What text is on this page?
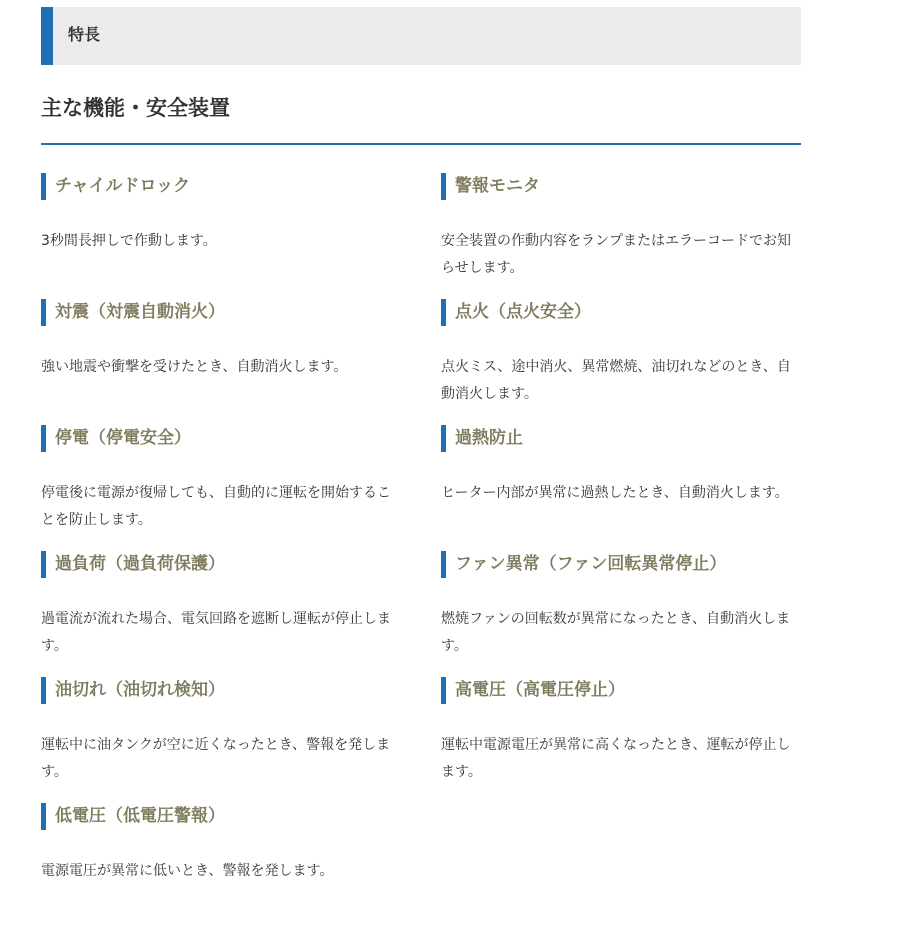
特長
主な機能・安全装置
チャイルドロック

3秒間長押しで作動します。

警報モニタ

安全装置の作動内容をランプまたはエラーコードでお知らせします。

対震（対震自動消火）

強い地震や衝撃を受けたとき、自動消火します。

点火（点火安全）

点火ミス、途中消火、異常燃焼、油切れなどのとき、自動消火します。

停電（停電安全）

停電後に電源が復帰しても、自動的に運転を開始することを防止します。

過熱防止

ヒーター内部が異常に過熱したとき、自動消火します。

過負荷（過負荷保護）

過電流が流れた場合、電気回路を遮断し運転が停止します。

ファン異常（ファン回転異常停止）

燃焼ファンの回転数が異常になったとき、自動消火します。

油切れ（油切れ検知）

運転中に油タンクが空に近くなったとき、警報を発します。

高電圧（高電圧停止）

運転中電源電圧が異常に高くなったとき、運転が停止します。

低電圧（低電圧警報）

電源電圧が異常に低いとき、警報を発します。
